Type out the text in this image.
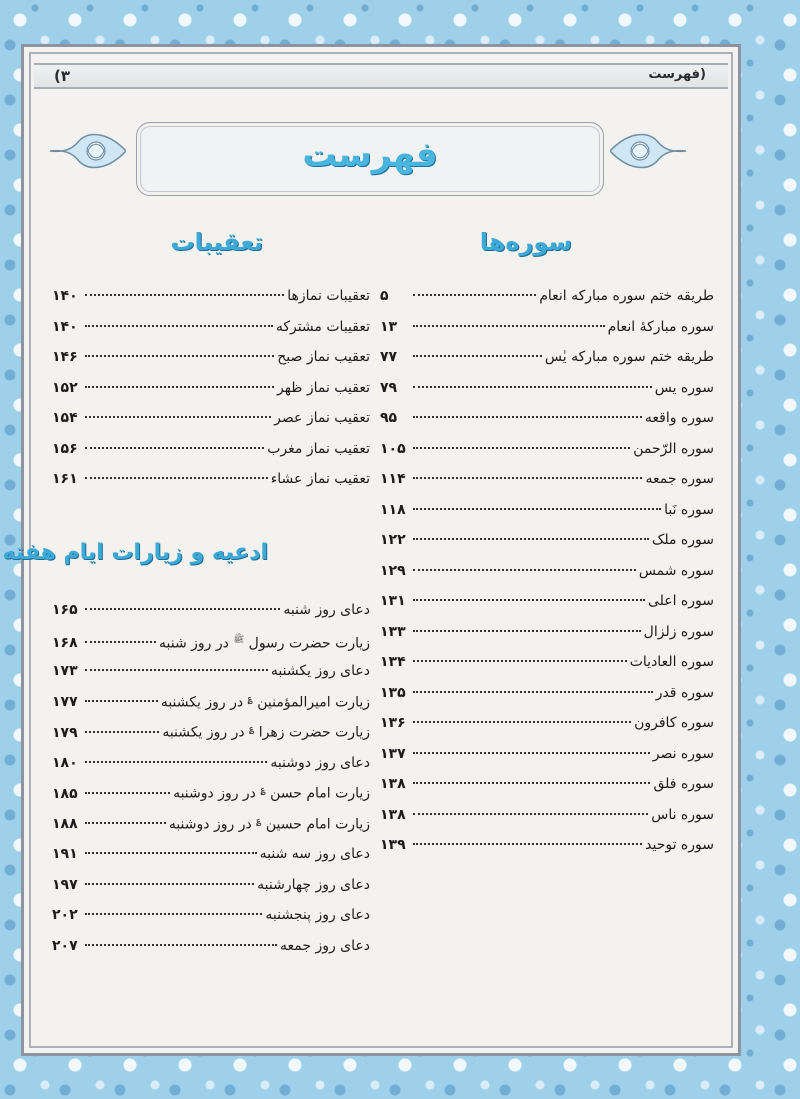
(فهرست
(۳
فهرست
سوره‌ها
تعقیبات
ادعیه و زیارات ایام هفته
طریقه ختم سوره مبارکه انعام
۵
سوره مبارکهٔ انعام
۱۳
طریقه ختم سوره مبارکه یٰس
۷۷
سوره یس
۷۹
سوره واقعه
۹۵
سوره الرّحمن
۱۰۵
سوره جمعه
۱۱۴
سوره نَبا
۱۱۸
سوره ملک
۱۲۲
سوره شمس
۱۲۹
سوره اعلی
۱۳۱
سوره زلزال
۱۳۳
سوره العادیات
۱۳۴
سوره قدر
۱۳۵
سوره کافرون
۱۳۶
سوره نصر
۱۳۷
سوره فلق
۱۳۸
سوره ناس
۱۳۸
سوره توحید
۱۳۹
تعقیبات نمازها
۱۴۰
تعقیبات مشترکه
۱۴۰
تعقیب نماز صبح
۱۴۶
تعقیب نماز ظهر
۱۵۲
تعقیب نماز عصر
۱۵۴
تعقیب نماز مغرب
۱۵۶
تعقیب نماز عشاء
۱۶۱
دعای روز شنبه
۱۶۵
زیارت حضرت رسول $^ﷺ$ در روز شنبه
۱۶۸
دعای روز یکشنبه
۱۷۳
زیارت امیرالمؤمنین ؏ در روز یکشنبه
۱۷۷
زیارت حضرت زهرا ؏ در روز یکشنبه
۱۷۹
دعای روز دوشنبه
۱۸۰
زیارت امام حسن ؏ در روز دوشنبه
۱۸۵
زیارت امام حسین ؏ در روز دوشنبه
۱۸۸
دعای روز سه شنبه
۱۹۱
دعای روز چهارشنبه
۱۹۷
دعای روز پنجشنبه
۲۰۲
دعای روز جمعه
۲۰۷
